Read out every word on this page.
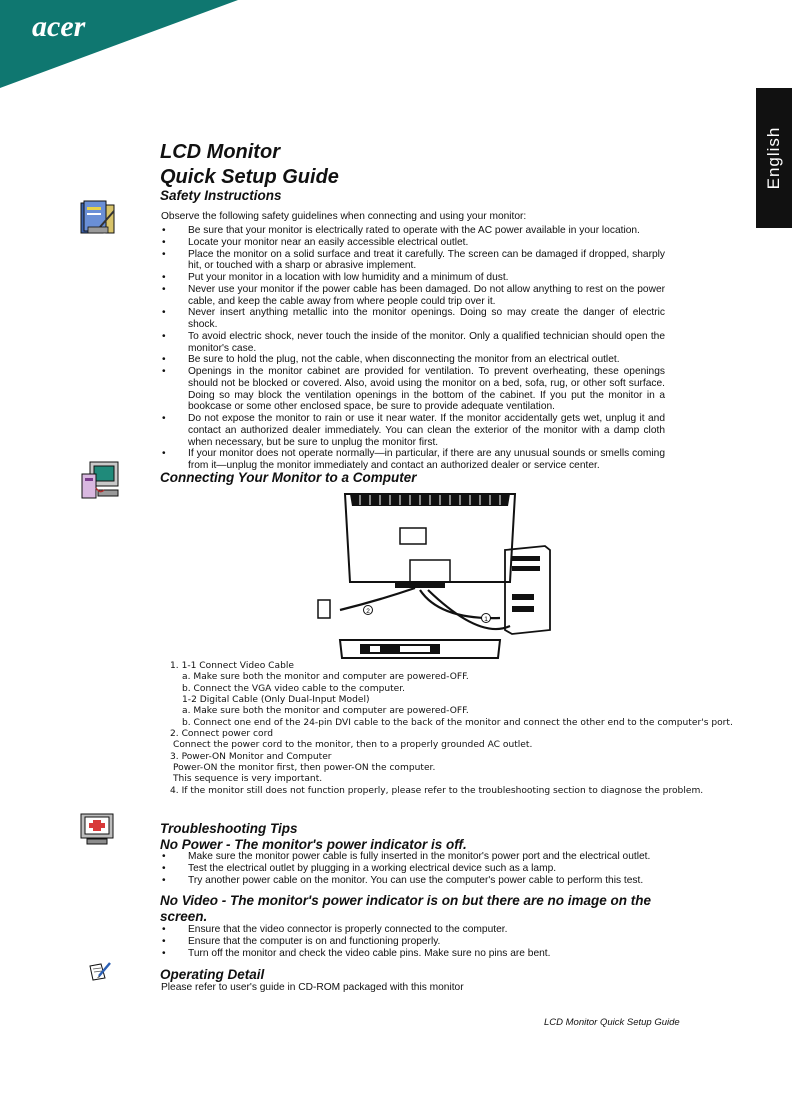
acer
English
LCD Monitor
Quick Setup Guide
Safety Instructions
Observe the following safety guidelines when connecting and using your monitor:
• Be sure that your monitor is electrically rated to operate with the AC power available in your location.
• Locate your monitor near an easily accessible electrical outlet.
• Place the monitor on a solid surface and treat it carefully. The screen can be damaged if dropped, sharply hit, or touched with a sharp or abrasive implement.
• Put your monitor in a location with low humidity and a minimum of dust.
• Never use your monitor if the power cable has been damaged. Do not allow anything to rest on the power cable, and keep the cable away from where people could trip over it.
• Never insert anything metallic into the monitor openings. Doing so may create the danger of electric shock.
• To avoid electric shock, never touch the inside of the monitor. Only a qualified technician should open the monitor's case.
• Be sure to hold the plug, not the cable, when disconnecting the monitor from an electrical outlet.
• Openings in the monitor cabinet are provided for ventilation. To prevent overheating, these openings should not be blocked or covered. Also, avoid using the monitor on a bed, sofa, rug, or other soft surface. Doing so may block the ventilation openings in the bottom of the cabinet. If you put the monitor in a bookcase or some other enclosed space, be sure to provide adequate ventilation.
• Do not expose the monitor to rain or use it near water. If the monitor accidentally gets wet, unplug it and contact an authorized dealer immediately. You can clean the exterior of the monitor with a damp cloth when necessary, but be sure to unplug the monitor first.
• If your monitor does not operate normally—in particular, if there are any unusual sounds or smells coming from it—unplug the monitor immediately and contact an authorized dealer or service center.
Connecting Your Monitor to a Computer
2
1
1. 1-1 Connect Video Cable
a. Make sure both the monitor and computer are powered-OFF.
b. Connect the VGA video cable to the computer.
1-2 Digital Cable (Only Dual-Input Model)
a. Make sure both the monitor and computer are powered-OFF.
b. Connect one end of the 24-pin DVI cable to the back of the monitor and connect the other end to the computer's port.
2. Connect power cord
Connect the power cord to the monitor, then to a properly grounded AC outlet.
3. Power-ON Monitor and Computer
Power-ON the monitor first, then power-ON the computer.
This sequence is very important.
4. If the monitor still does not function properly, please refer to the troubleshooting section to diagnose the problem.
Troubleshooting Tips
No Power - The monitor's power indicator is off.
• Make sure the monitor power cable is fully inserted in the monitor's power port and the electrical outlet.
• Test the electrical outlet by plugging in a working electrical device such as a lamp.
• Try another power cable on the monitor. You can use the computer's power cable to perform this test.
No Video - The monitor's power indicator is on but there are no image on the
screen.
• Ensure that the video connector is properly connected to the computer.
• Ensure that the computer is on and functioning properly.
• Turn off the monitor and check the video cable pins. Make sure no pins are bent.
Operating Detail
Please refer to user's guide in CD-ROM packaged with this monitor
LCD Monitor Quick Setup Guide
